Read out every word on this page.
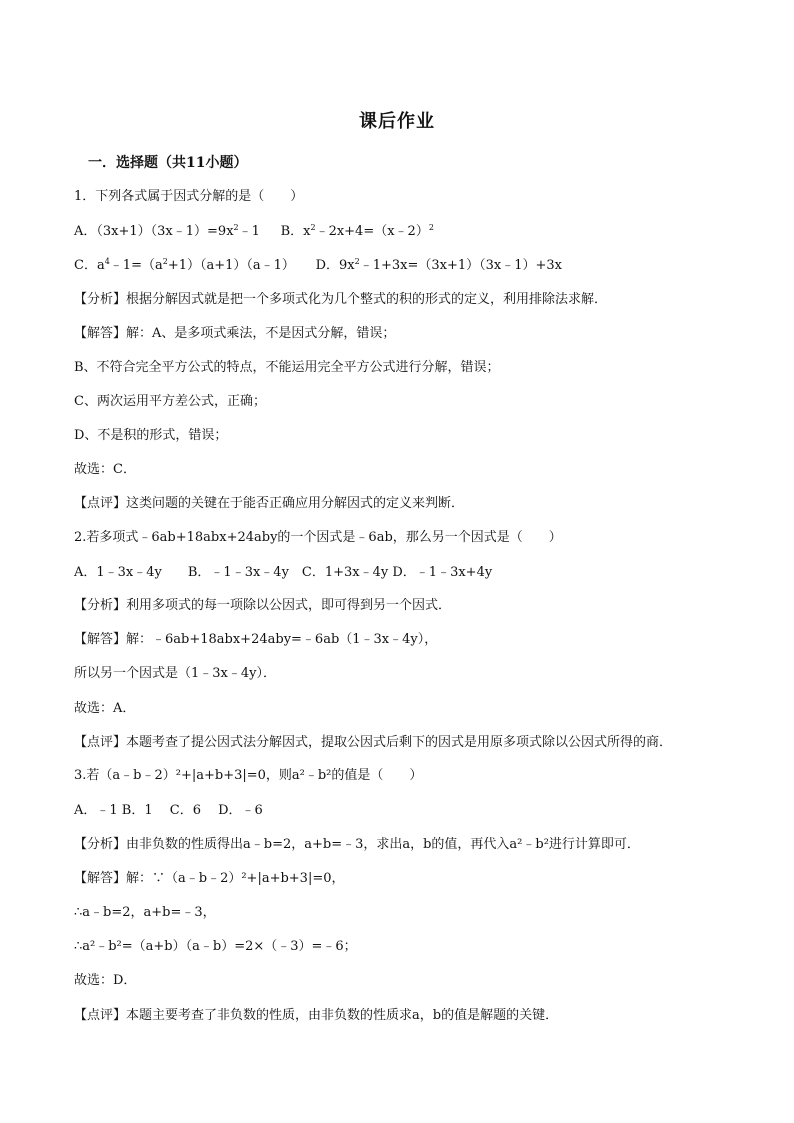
课后作业
一．选择题（共11小题）
1．下列各式属于因式分解的是（　　）
A．$(3x+1)(3x﹣1)=9x^2﹣1$ B．$x^2﹣2x+4=(x﹣2)^2$
C．$a^4﹣1=(a^2+1)(a+1)(a﹣1)$ D．$9x^2﹣1+3x=(3x+1)(3x﹣1)+3x$
【分析】根据分解因式就是把一个多项式化为几个整式的积的形式的定义，利用排除法求解．
【解答】解：A、是多项式乘法，不是因式分解，错误；
B、不符合完全平方公式的特点，不能运用完全平方公式进行分解，错误；
C、两次运用平方差公式，正确；
D、不是积的形式，错误；
故选：C．
【点评】这类问题的关键在于能否正确应用分解因式的定义来判断．
2.若多项式﹣6ab+18abx+24aby的一个因式是﹣6ab，那么另一个因式是（　　）
A．1﹣3x﹣4y　　B．﹣1﹣3x﹣4y　C．1+3x﹣4y D．﹣1﹣3x+4y
【分析】利用多项式的每一项除以公因式，即可得到另一个因式．
【解答】解：﹣6ab+18abx+24aby=﹣6ab（1﹣3x﹣4y），
所以另一个因式是（1﹣3x﹣4y）．
故选：A．
【点评】本题考查了提公因式法分解因式，提取公因式后剩下的因式是用原多项式除以公因式所得的商．
3.若（a﹣b﹣2）²+|a+b+3|=0，则a²﹣b²的值是（　　）
A．﹣1 B．1　 C．6　 D．﹣6
【分析】由非负数的性质得出a﹣b=2，a+b=﹣3，求出a，b的值，再代入a²﹣b²进行计算即可．
【解答】解：∵（a﹣b﹣2）²+|a+b+3|=0，
∴a﹣b=2，a+b=﹣3，
∴a²﹣b²=（a+b）（a﹣b）=2×（﹣3）=﹣6；
故选：D．
【点评】本题主要考查了非负数的性质，由非负数的性质求a，b的值是解题的关键．
